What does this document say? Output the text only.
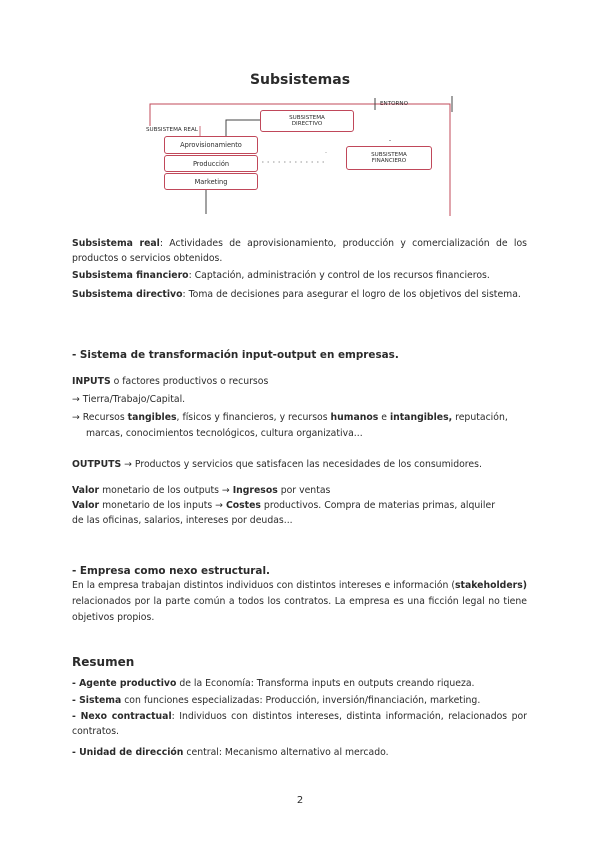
Subsistemas
SUBSISTEMA REAL
ENTORNO
SUBSISTEMA
DIRECTIVO
SUBSISTEMA
FINANCIERO
Aprovisionamiento
Producción
Marketing
Subsistema real: Actividades de aprovisionamiento, producción y comercialización de los productos o servicios obtenidos.
Subsistema financiero: Captación, administración y control de los recursos financieros.
Subsistema directivo: Toma de decisiones para asegurar el logro de los objetivos del sistema.
- Sistema de transformación input-output en empresas.
INPUTS o factores productivos o recursos
→ Tierra/Trabajo/Capital.
→ Recursos tangibles, físicos y financieros, y recursos humanos e intangibles, reputación,
marcas, conocimientos tecnológicos, cultura organizativa...
OUTPUTS → Productos y servicios que satisfacen las necesidades de los consumidores.
Valor monetario de los outputs → Ingresos por ventas
Valor monetario de los inputs → Costes productivos. Compra de materias primas, alquiler
de las oficinas, salarios, intereses por deudas...
- Empresa como nexo estructural.
En la empresa trabajan distintos individuos con distintos intereses e información (stakeholders) relacionados por la parte común a todos los contratos. La empresa es una ficción legal no tiene objetivos propios.
Resumen
- Agente productivo de la Economía: Transforma inputs en outputs creando riqueza.
- Sistema con funciones especializadas: Producción, inversión/financiación, marketing.
- Nexo contractual: Individuos con distintos intereses, distinta información, relacionados por contratos.
- Unidad de dirección central: Mecanismo alternativo al mercado.
2
